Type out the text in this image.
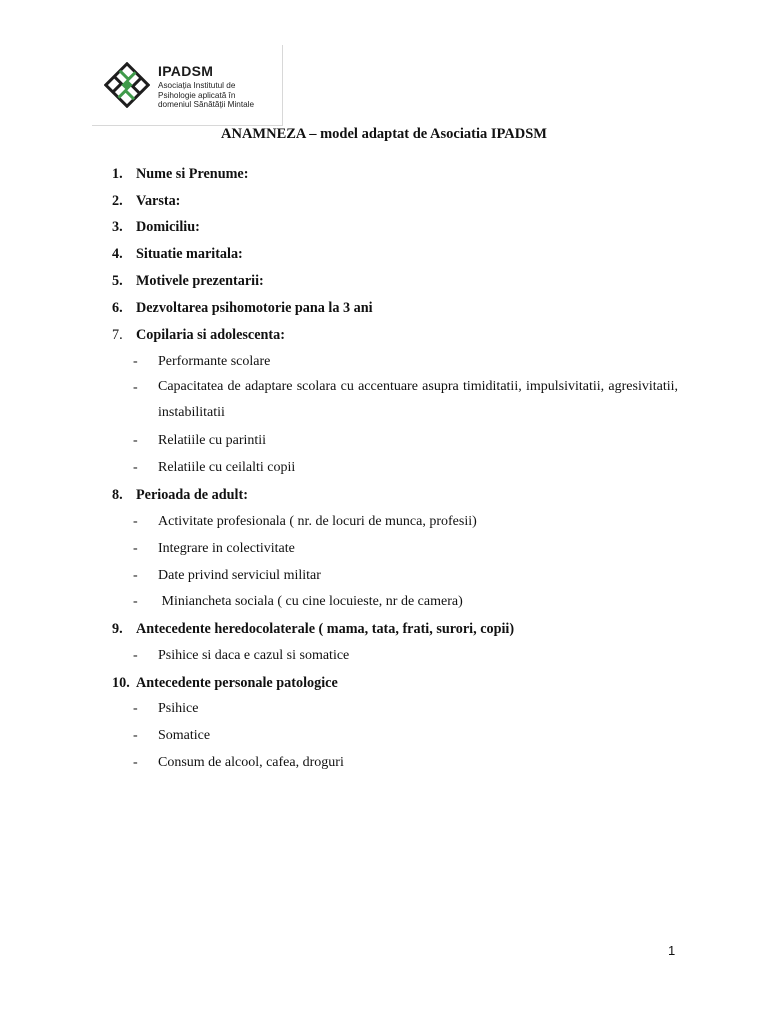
IPADSM
Asociația Institutul de
Psihologie aplicată în
domeniul Sănătății Mintale
ANAMNEZA – model adaptat de Asociatia IPADSM
1. Nume si Prenume:
2. Varsta:
3. Domiciliu:
4. Situatie maritala:
5. Motivele prezentarii:
6. Dezvoltarea psihomotorie pana la 3 ani
7. Copilaria si adolescenta:
- Performante scolare
-	Capacitatea de adaptare scolara cu accentuare asupra timiditatii, impulsivitatii, agresivitatii, instabilitatii
- Relatiile cu parintii
- Relatiile cu ceilalti copii
8. Perioada de adult:
- Activitate profesionala ( nr. de locuri de munca, profesii)
- Integrare in colectivitate
- Date privind serviciul militar
- Miniancheta sociala ( cu cine locuieste, nr de camera)
9. Antecedente heredocolaterale ( mama, tata, frati, surori, copii)
- Psihice si daca e cazul si somatice
10. Antecedente personale patologice
- Psihice
- Somatice
- Consum de alcool, cafea, droguri
1
